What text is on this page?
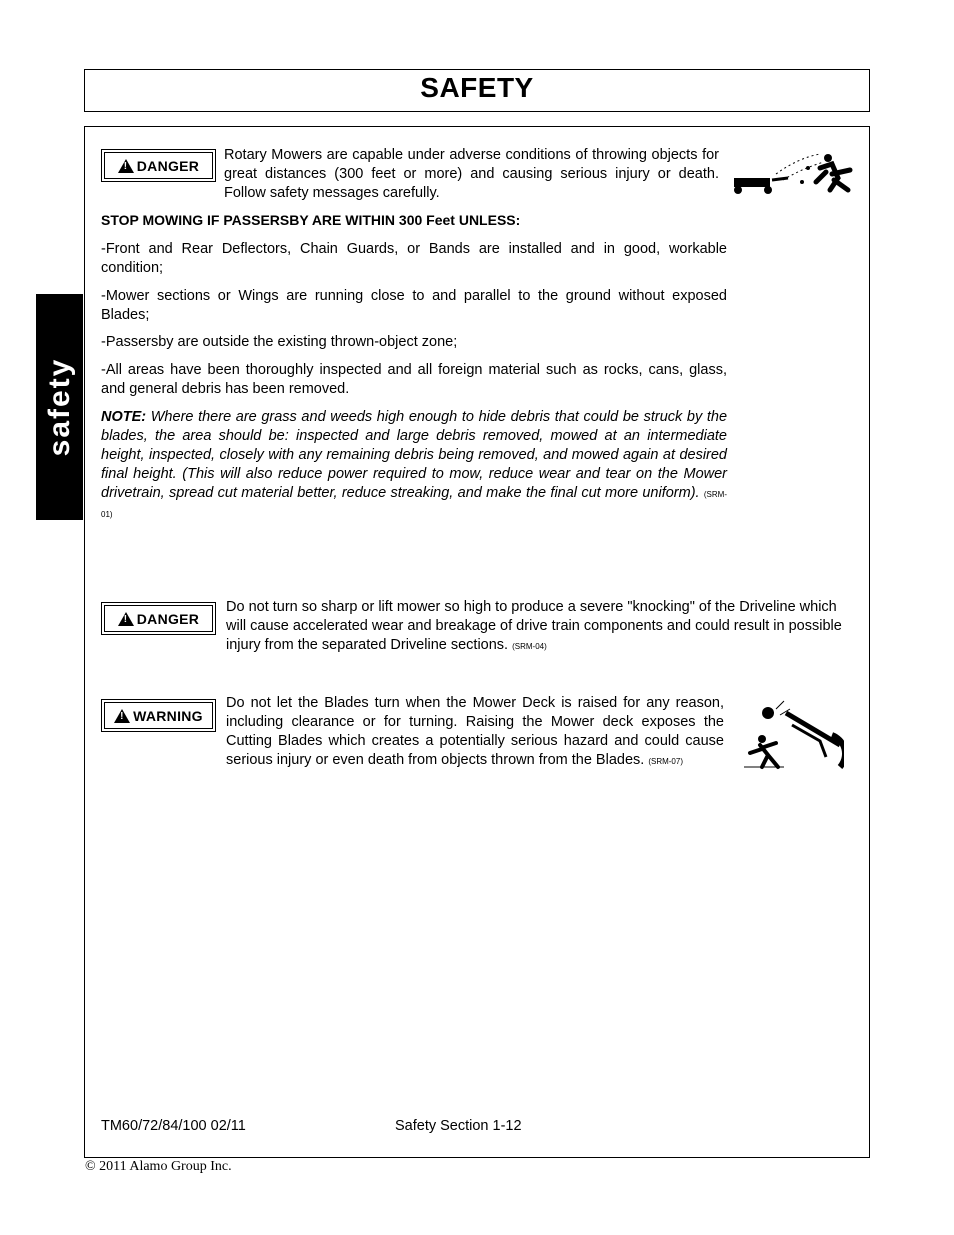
SAFETY
safety
!
DANGER
Rotary Mowers are capable under adverse conditions of throwing objects for great distances (300 feet or more) and causing serious injury or death. Follow safety messages carefully.
STOP MOWING IF PASSERSBY ARE WITHIN 300 Feet UNLESS:
-Front and Rear Deflectors, Chain Guards, or Bands are installed and in good, workable condition;
-Mower sections or Wings are running close to and parallel to the ground without exposed Blades;
-Passersby are outside the existing thrown-object zone;
-All areas have been thoroughly inspected and all foreign material such as rocks, cans, glass, and general debris has been removed.
NOTE: Where there are grass and weeds high enough to hide debris that could be struck by the blades, the area should be: inspected and large debris removed, mowed at an intermediate height, inspected, closely with any remaining debris being removed, and mowed again at desired final height. (This will also reduce power required to mow, reduce wear and tear on the Mower drivetrain, spread cut material better, reduce streaking, and make the final cut more uniform). (SRM-01)
!
DANGER
Do not turn so sharp or lift mower so high to produce a severe "knocking" of the Driveline which will cause accelerated wear and breakage of drive train components and could result in possible injury from the separated Driveline sections. (SRM-04)
!
WARNING
Do not let the Blades turn when the Mower Deck is raised for any reason, including clearance or for turning. Raising the Mower deck exposes the Cutting Blades which creates a potentially serious hazard and could cause serious injury or even death from objects thrown from the Blades. (SRM-07)
TM60/72/84/100 02/11	Safety Section 1-12
© 2011 Alamo Group Inc.
